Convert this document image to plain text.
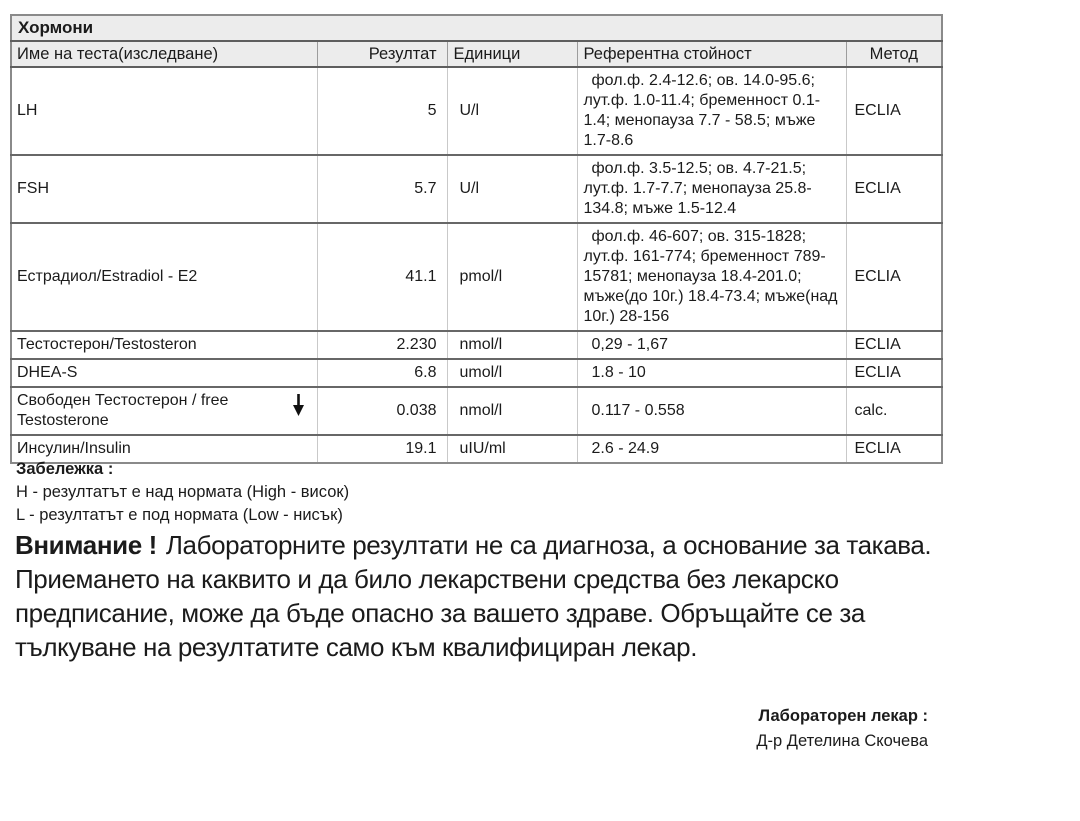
Хормони				
Име на теста(изследване)	Резултат	Единици	Референтна стойност	Метод
LH	5	U/l	фол.ф. 2.4-12.6; ов. 14.0-95.6; лут.ф. 1.0-11.4; бременност 0.1-1.4; менопауза 7.7 - 58.5; мъже 1.7-8.6	ECLIA
FSH	5.7	U/l	фол.ф. 3.5-12.5; ов. 4.7-21.5; лут.ф. 1.7-7.7; менопауза 25.8-134.8; мъже 1.5-12.4	ECLIA
Естрадиол/Estradiol - E2	41.1	pmol/l	фол.ф. 46-607; ов. 315-1828; лут.ф. 161-774; бременност 789-15781; менопауза 18.4-201.0; мъже(до 10г.) 18.4-73.4; мъже(над 10г.) 28-156	ECLIA
Тестостерон/Testosteron	2.230	nmol/l	0,29 - 1,67	ECLIA
DHEA-S	6.8	umol/l	1.8 - 10	ECLIA
Свободен Тестостерон / free Testosterone	0.038	nmol/l	0.117 - 0.558	calc.
Инсулин/Insulin	19.1	uIU/ml	2.6 - 24.9	ECLIA
Забележка :
H - резултатът е над нормата (High - висок)
L - резултатът е под нормата (Low - нисък)
Внимание ! Лабораторните резултати не са диагноза, а основание за такава. Приемането на каквито и да било лекарствени средства без лекарско предписание, може да бъде опасно за вашето здраве. Обръщайте се за тълкуване на резултатите само към квалифициран лекар.
Лабораторен лекар :
Д-р Детелина Скочева
